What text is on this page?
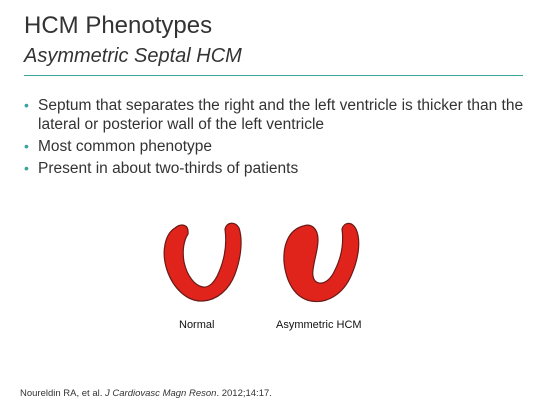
HCM Phenotypes
Asymmetric Septal HCM
• Septum that separates the right and the left ventricle is thicker than the lateral or posterior wall of the left ventricle
• Most common phenotype
• Present in about two-thirds of patients
Normal	Asymmetric HCM
Noureldin RA, et al. J Cardiovasc Magn Reson. 2012;14:17.
